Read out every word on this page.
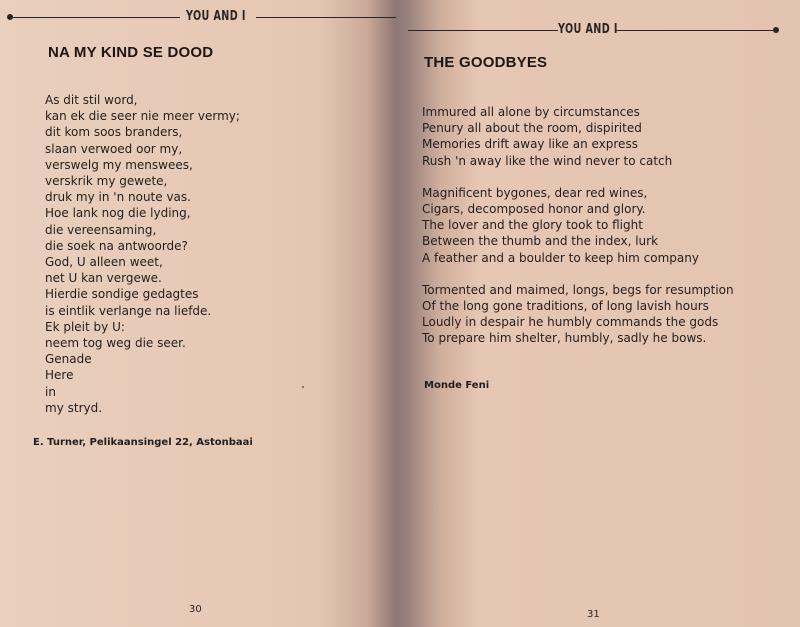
YOU AND I
NA MY KIND SE DOOD
As dit stil word,
kan ek die seer nie meer vermy;
dit kom soos branders,
slaan verwoed oor my,
verswelg my menswees,
verskrik my gewete,
druk my in 'n noute vas.
Hoe lank nog die lyding,
die vereensaming,
die soek na antwoorde?
God, U alleen weet,
net U kan vergewe.
Hierdie sondige gedagtes
is eintlik verlange na liefde.
Ek pleit by U:
neem tog weg die seer.
Genade
Here
in
my stryd.
E. Turner, Pelikaansingel 22, Astonbaai
30
YOU AND I
THE GOODBYES
Immured all alone by circumstances
Penury all about the room, dispirited
Memories drift away like an express
Rush 'n away like the wind never to catch
Magnificent bygones, dear red wines,
Cigars, decomposed honor and glory.
The lover and the glory took to flight
Between the thumb and the index, lurk
A feather and a boulder to keep him company
Tormented and maimed, longs, begs for resumption
Of the long gone traditions, of long lavish hours
Loudly in despair he humbly commands the gods
To prepare him shelter, humbly, sadly he bows.
Monde Feni
31
